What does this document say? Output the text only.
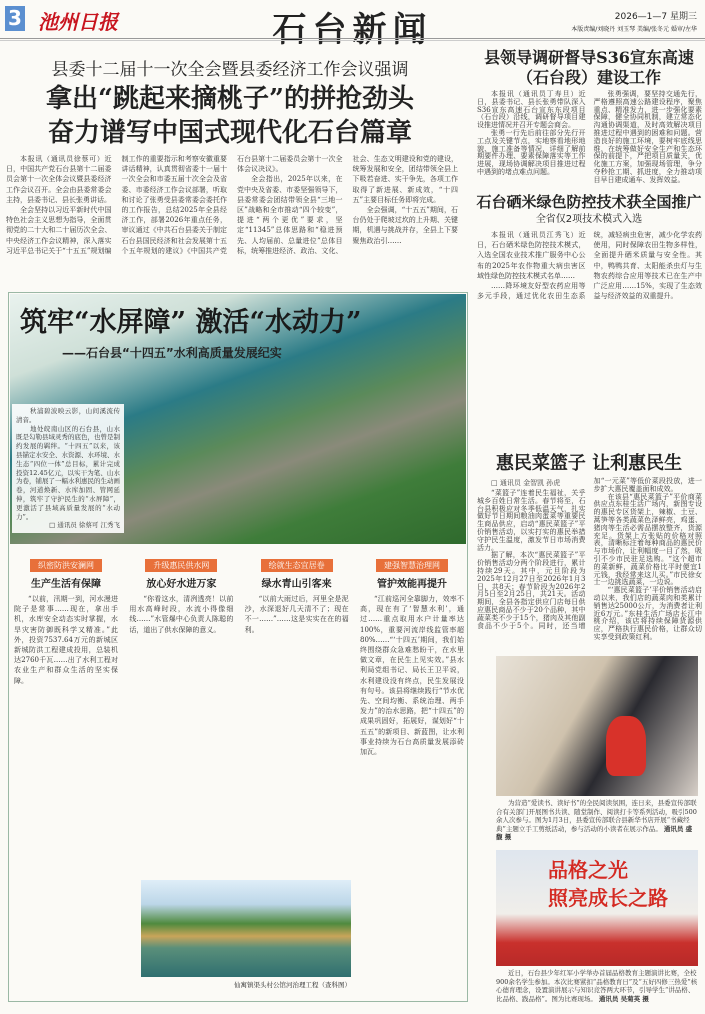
3 池州日报	石台新闻	2026—1—7 星期三
本版责编/刘晓丹 刘玉琴 美编/张冬元 婚审/左华
县委十二届十一次全会暨县委经济工作会议强调
拿出“跳起来摘桃子”的拼抢劲头
奋力谱写中国式现代化石台篇章

本报讯（通讯员徐蔡可）近日，中国共产党石台县第十二届委员会第十一次全体会议暨县委经济工作会议召开。全会由县委常委会主持，县委书记、县长张勇讲话。

全会坚持以习近平新时代中国特色社会主义思想为指导，全面贯彻党的二十大和二十届历次全会、中央经济工作会议精神，深入落实习近平总书记关于“十五五”规划编制工作的重要指示和考察安徽重要讲话精神，认真贯彻省委十一届十一次全会和市委五届十次全会及省委、市委经济工作会议部署，听取和讨论了张勇受县委常委会委托作的工作报告，总结2025年全县经济工作，部署2026年重点任务，审议通过《中共石台县委关于制定石台县国民经济和社会发展第十五个五年规划的建议》《中国共产党石台县第十二届委员会第十一次全体会议决议》。

全会指出，2025年以来，在党中央及省委、市委坚强领导下，县委常委会团结带领全县“三地一区”战略和全市推动“四个较变”，提进“两个更优”要求，坚定“11345”总体思路和“稳进预先、人均届前、总量进位”总体目标，统筹推进经济、政治、文化、社会、生态文明建设和党的建设，统筹发展和安全，团结带领全县上下吸若奋进、实干争先，各项工作取得了新进展、新成效，“十四五”主要目标任务即将完成。

全会强调，“十五五”期间，石台仍处于爬坡过坎的上升期、关键期，机遇与挑战并存，全县上下要聚焦政治引……

县领导调研督导S36宣东高速
（石台段）建设工作

本报讯（通讯员丁寿旦）近日，县委书记、县长张勇带队深入S36宣东高速石台宣东东段项目（石台段）沿线，调研督导项目建设推进情况并召开专题会商会。

张勇一行先后前往部分先行开工点及关键节点，实地察看地形地貌、施工准备等情况，详细了解前期要件办理、要素保障落实等工作进展，现场协调解决项目推进过程中遇到的堵点难点问题。

张勇强调，要坚持交通先行，严格遵照高速公路建设程序，聚焦重点、精准发力，进一步强化要素保障，健全协同机制，建立常态化沟通协调渠道，及时高效解决项目推进过程中遇到的困难和问题。营造良好的施工环境，要树牢底线思维，在统筹做好安全生产和生态环保的前提下，严把项目质量关，优化施工方案，加强现场管理，争分夺秒抢工期、抓进度，全力推动项目早日建成通车、发挥效益。

石台硒米绿色防控技术获全国推广
全省仅2项技术模式入选

本报讯（通讯员江秀飞）近日，石台硒米绿色防控技术模式，入选全国农业技术推广服务中心公布的2025年农作物重大病虫害区域性绿色防控技术模式名单……

……降环境友好型农药应用等多元手段，通过优化农田生态系统，减轻病虫危害，减少化学农药使用，同时保障农田生物多样性，全面提升硒米质量与安全性。其中，鸭鸭共育、太阳能杀虫灯与生物农药综合应用等技术已在生产中广泛应用……15%，实现了生态效益与经济效益的双重提升。

惠民菜篮子 让利惠民生
□ 通讯员 金智凯 孙虎

“菜篮子”连着民生福祉，关乎城乡百姓日常生活。春节将至，石台县积极应对冬季低温天气，扎实做好节日期间粮油肉蛋菜等重要民生商品供应，启动“惠民菜篮子”平价销售活动，以实打实的惠民举措守护民生温度，激发节日市场消费活力。

据了解，本次“惠民菜篮子”平价销售活动分两个阶段进行，累计持续29天。其中，元旦阶段为2025年12月27日至2026年1月3日，共8天；春节阶段为2026年2月5日至2月25日，共21天。活动期间，全县各指定供应门店每日供应惠民商品不少于20个品种，其中蔬菜类不少于15个，猪肉及其他副食品不少于5个。同时，还当增加“一元菜”等低价菜段投放，进一步扩大惠民覆盖面和成效。

在该县“惠民菜篮子”平价商菜供应点东桂生活广场内，新图专设的惠民专区货架上，辣椒、土豆、蒿笋等各类蔬菜色泽鲜亮，鸡蛋、猪肉等生活必需品摆放整齐，货源充足。货架上方张贴的价格对照表，清晰标注着每种商品的惠民价与市场价，让利幅度一目了然，吸引不少市民驻足选购。“这个超市的菜新鲜，蔬菜价格比平时便宜1元钱，我经常来这儿买。”市民徐女士一边挑选蔬菜，一边说。

“‘惠民菜篮子’平价销售活动启动以来，我们店的蔬菜肉和类累计销售达25000公斤，为消费者让利近6万元。”东桂生活广场店长江中桃介绍，该店将持续保障货源供应，严格执行惠民价格，让群众切实享受到政策红利。

为营造“爱读书、读好书”的全民阅读氛围，连日来，县委宣传部联合有关部门开展图书共读、随堂制作、阅读打卡等系列活动，吸引500余人次参与。图为1月3日，县委宣传部联合县新华书店开展“书藏经典”主题立手工剪纸活动，参与活动的小读者在展示作品。 通讯员 盛馥 摄
品格之光
照亮成长之路
近日，石台县少年红军小学举办首届品格教育主题演讲比赛，全校900余名学生参加。本次比赛紧扣“品格教育日”及“五好四修三热爱”核心德育理念，设置演讲展示与知识竞答两大环节，引导学生“讲品格、比品格、践品格”。图为比赛现场。 通讯员 吴菊英 摄
筑牢“水屏障” 激活“水动力”
——石台县“十四五”水利高质量发展纪实

秋浦碧波映云影，山间溪流传清音。

地处皖南山区的石台县，山水既是勾勒县域灵秀的底色，也曾是制约发展的羁绊。“十四五”以来，该县锚定水安全、水资源、水环境、水生态“四位一体”总目标，累计完成投资12.45亿元，以实干为笔、山水为卷，铺展了一幅水利惠民的生动画卷，河道焕新、水库加固、管网延伸，筑牢了守护民生的“水屏障”，更激活了县域高质量发展的“水动力”。

□ 通讯员 徐蔡可 江秀飞
织密防洪安澜网
生产生活有保障
“以前，汛期一到，河水漫进院子是常事……现在，拿出手机，水库安全动态实时掌握，水旱灾害防御既科学又精准。”此外，投资7537.64万元的新城区新城防洪工程建成投用，总装机达2760千瓦……出了水利工程对农业生产和群众生活的坚实保障。
升级惠民供水网
放心好水进万家
“你看这水，清冽透亮！以前用水高峰时段，水流小得像细线……”水管爆中心负责人陈聪的话，道出了供水保障的意义。
绘就生态宜居卷
绿水青山引客来
“以前大雨过后，河里全是泥沙，水深退好几天清不了；现在不一……”……这是实实在在的福利。
建强智慧治理网
管护效能再提升
“江前巡河全靠脚力，效率不高，现在有了‘智慧水利’，通过……重点取用水户计量率达100%，重要河流岸线监管率超80%……“‘十四五’期间，我们始终围绕群众急难愁盼干，在水里做文章，在民生上见实效。”县水利局党组书记、局长王卫平说，水利建设没有终点，民生发展没有句号。该县将继续践行“节水优先、空间均衡、系统治理、两手发力”的治水思路，把“十四五”的成果巩固好，拓展好，谋划好“十五五”的新项目、新蓝图，让水利事业持续为石台高质量发展添砖加瓦。
仙寓镇渠头村公馆河治理工程（查科图）
